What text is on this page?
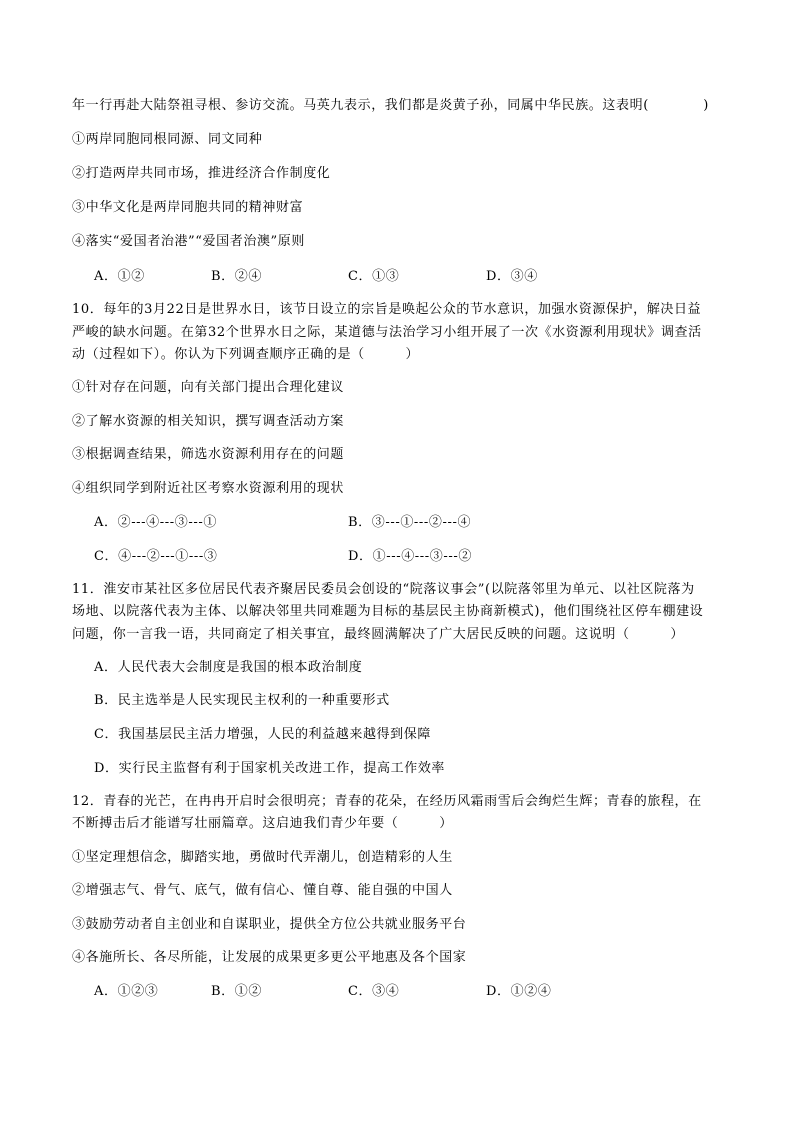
年一行再赴大陆祭祖寻根、参访交流。马英九表示，我们都是炎黄子孙，同属中华民族。这表明(　　　　)
①两岸同胞同根同源、同文同种
②打造两岸共同市场，推进经济合作制度化
③中华文化是两岸同胞共同的精神财富
④落实“爱国者治港”“爱国者治澳”原则
A．①②	B．②④	C．①③	D．③④
10．每年的3月22日是世界水日，该节日设立的宗旨是唤起公众的节水意识，加强水资源保护，解决日益
严峻的缺水问题。在第32个世界水日之际，某道德与法治学习小组开展了一次《水资源利用现状》调查活
动（过程如下）。你认为下列调查顺序正确的是（　　　）
①针对存在问题，向有关部门提出合理化建议
②了解水资源的相关知识，撰写调查活动方案
③根据调查结果，筛选水资源利用存在的问题
④组织同学到附近社区考察水资源利用的现状
A．②---④---③---①	B．③---①---②---④
C．④---②---①---③	D．①---④---③---②
11．淮安市某社区多位居民代表齐聚居民委员会创设的“院落议事会”(以院落邻里为单元、以社区院落为
场地、以院落代表为主体、以解决邻里共同难题为目标的基层民主协商新模式)，他们围绕社区停车棚建设
问题，你一言我一语，共同商定了相关事宜，最终圆满解决了广大居民反映的问题。这说明（　　　）
A．人民代表大会制度是我国的根本政治制度
B．民主选举是人民实现民主权利的一种重要形式
C．我国基层民主活力增强，人民的利益越来越得到保障
D．实行民主监督有利于国家机关改进工作，提高工作效率
12．青春的光芒，在冉冉开启时会很明亮；青春的花朵，在经历风霜雨雪后会绚烂生辉；青春的旅程，在
不断搏击后才能谱写壮丽篇章。这启迪我们青少年要（　　　）
①坚定理想信念，脚踏实地，勇做时代弄潮儿，创造精彩的人生
②增强志气、骨气、底气，做有信心、懂自尊、能自强的中国人
③鼓励劳动者自主创业和自谋职业，提供全方位公共就业服务平台
④各施所长、各尽所能，让发展的成果更多更公平地惠及各个国家
A．①②③	B．①②	C．③④	D．①②④
